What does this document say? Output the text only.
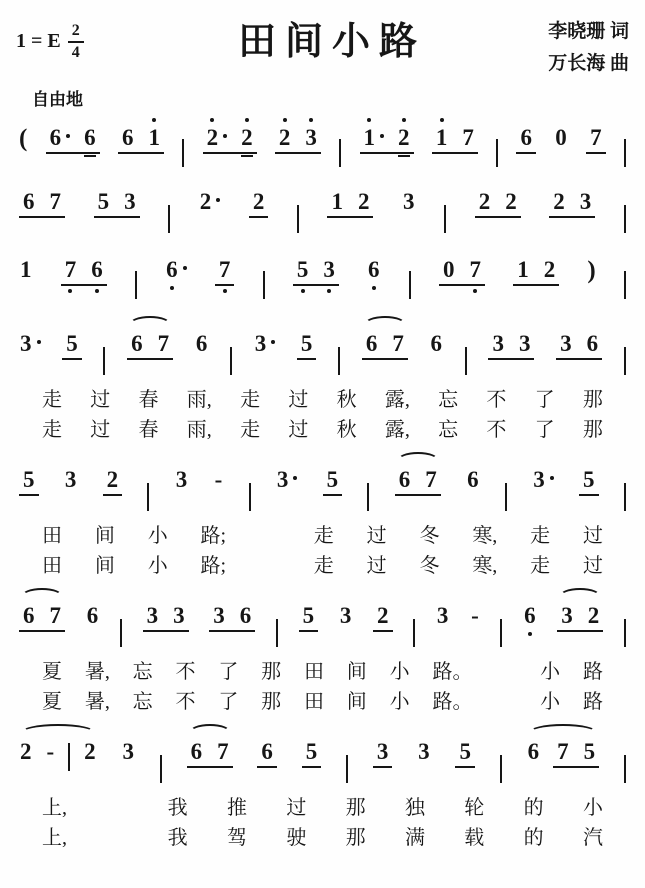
1 = E $\frac{2}{4}$	田间小路	李晓珊 词
万长海 曲
自由地
( 6 6 6 1 2 2 2 3 1 2 1 7 6 0 7
6 7 5 3	2 2	1 2 3	2 2 2 3
1 7 6	6 7	5 3 6	0 7 1 2 )
3 5 6 7 6 3 5 6 7 6 3 3 3 6
走 过 春 雨, 走 过 秋 露, 忘 不 了 那
走 过 春 雨, 走 过 秋 露, 忘 不 了 那
5 3 2	3 - 3 5	6 7 6 3 5
田 间 小 路;	走 过 冬 寒, 走 过
田 间 小 路;	走 过 冬 寒, 走 过
6 7 6 3 3 3 6 5 3 2 3 - 6 3 2
夏 暑, 忘 不 了 那 田 间 小 路。	小 路
夏 暑, 忘 不 了 那 田 间 小 路。	小 路
2 - 2 3 6 7 6 5	3 3 5 6 7 5
上,	我 推 过 那 独 轮 的 小
上,	我 驾 驶 那 满 载 的 汽
